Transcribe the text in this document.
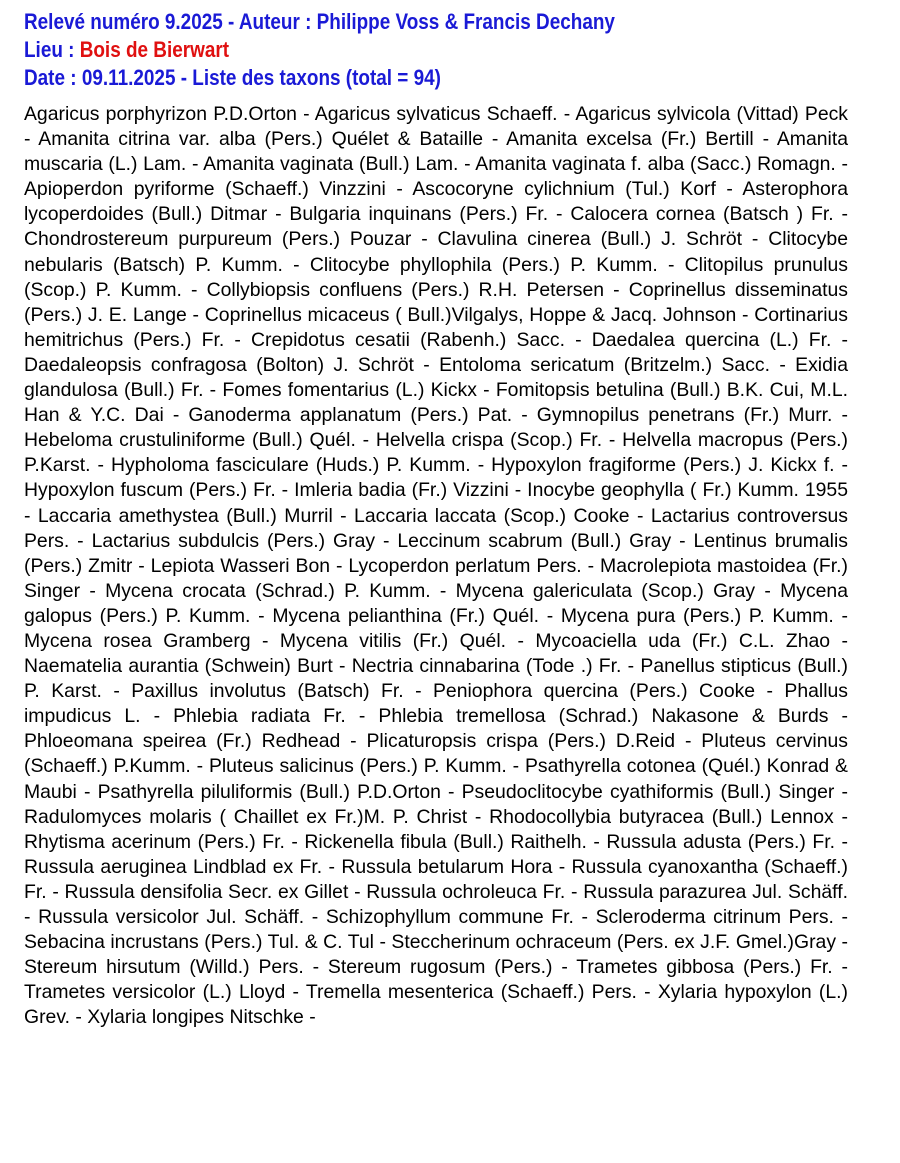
Relevé numéro 9.2025 - Auteur : Philippe Voss & Francis Dechany
Lieu : Bois de Bierwart
Date : 09.11.2025 - Liste des taxons (total = 94)
Agaricus porphyrizon P.D.Orton - Agaricus sylvaticus Schaeff. - Agaricus sylvicola (Vittad) Peck - Amanita citrina var. alba (Pers.) Quélet & Bataille - Amanita excelsa (Fr.) Bertill - Amanita muscaria (L.) Lam. - Amanita vaginata (Bull.) Lam. - Amanita vaginata f. alba (Sacc.) Romagn. - Apioperdon pyriforme (Schaeff.) Vinzzini - Ascocoryne cylichnium (Tul.) Korf - Asterophora lycoperdoides (Bull.) Ditmar - Bulgaria inquinans (Pers.) Fr. - Calocera cornea (Batsch ) Fr. - Chondrostereum purpureum (Pers.) Pouzar - Clavulina cinerea (Bull.) J. Schröt - Clitocybe nebularis (Batsch) P. Kumm. - Clitocybe phyllophila (Pers.) P. Kumm. - Clitopilus prunulus (Scop.) P. Kumm. - Collybiopsis confluens (Pers.) R.H. Petersen - Coprinellus disseminatus (Pers.) J. E. Lange - Coprinellus micaceus ( Bull.)Vilgalys, Hoppe & Jacq. Johnson - Cortinarius hemitrichus (Pers.) Fr. - Crepidotus cesatii (Rabenh.) Sacc. - Daedalea quercina (L.) Fr. - Daedaleopsis confragosa (Bolton) J. Schröt - Entoloma sericatum (Britzelm.) Sacc. - Exidia glandulosa (Bull.) Fr. - Fomes fomentarius (L.) Kickx - Fomitopsis betulina (Bull.) B.K. Cui, M.L. Han & Y.C. Dai - Ganoderma applanatum (Pers.) Pat. - Gymnopilus penetrans (Fr.) Murr. - Hebeloma crustuliniforme (Bull.) Quél. - Helvella crispa (Scop.) Fr. - Helvella macropus (Pers.) P.Karst. - Hypholoma fasciculare (Huds.) P. Kumm. - Hypoxylon fragiforme (Pers.) J. Kickx f. - Hypoxylon fuscum (Pers.) Fr. - Imleria badia (Fr.) Vizzini - Inocybe geophylla ( Fr.) Kumm. 1955 - Laccaria amethystea (Bull.) Murril - Laccaria laccata (Scop.) Cooke - Lactarius controversus Pers. - Lactarius subdulcis (Pers.) Gray - Leccinum scabrum (Bull.) Gray - Lentinus brumalis (Pers.) Zmitr - Lepiota Wasseri Bon - Lycoperdon perlatum Pers. - Macrolepiota mastoidea (Fr.) Singer - Mycena crocata (Schrad.) P. Kumm. - Mycena galericulata (Scop.) Gray - Mycena galopus (Pers.) P. Kumm. - Mycena pelianthina (Fr.) Quél. - Mycena pura (Pers.) P. Kumm. - Mycena rosea Gramberg - Mycena vitilis (Fr.) Quél. - Mycoaciella uda (Fr.) C.L. Zhao - Naematelia aurantia (Schwein) Burt - Nectria cinnabarina (Tode .) Fr. - Panellus stipticus (Bull.) P. Karst. - Paxillus involutus (Batsch) Fr. - Peniophora quercina (Pers.) Cooke - Phallus impudicus L. - Phlebia radiata Fr. - Phlebia tremellosa (Schrad.) Nakasone & Burds - Phloeomana speirea (Fr.) Redhead - Plicaturopsis crispa (Pers.) D.Reid - Pluteus cervinus (Schaeff.) P.Kumm. - Pluteus salicinus (Pers.) P. Kumm. - Psathyrella cotonea (Quél.) Konrad & Maubi - Psathyrella piluliformis (Bull.) P.D.Orton - Pseudoclitocybe cyathiformis (Bull.) Singer - Radulomyces molaris ( Chaillet ex Fr.)M. P. Christ - Rhodocollybia butyracea (Bull.) Lennox - Rhytisma acerinum (Pers.) Fr. - Rickenella fibula (Bull.) Raithelh. - Russula adusta (Pers.) Fr. - Russula aeruginea Lindblad ex Fr. - Russula betularum Hora - Russula cyanoxantha (Schaeff.) Fr. - Russula densifolia Secr. ex Gillet - Russula ochroleuca Fr. - Russula parazurea Jul. Schäff. - Russula versicolor Jul. Schäff. - Schizophyllum commune Fr. - Scleroderma citrinum Pers. - Sebacina incrustans (Pers.) Tul. & C. Tul - Steccherinum ochraceum (Pers. ex J.F. Gmel.)Gray - Stereum hirsutum (Willd.) Pers. - Stereum rugosum (Pers.) - Trametes gibbosa (Pers.) Fr. - Trametes versicolor (L.) Lloyd - Tremella mesenterica (Schaeff.) Pers. - Xylaria hypoxylon (L.) Grev. - Xylaria longipes Nitschke -
